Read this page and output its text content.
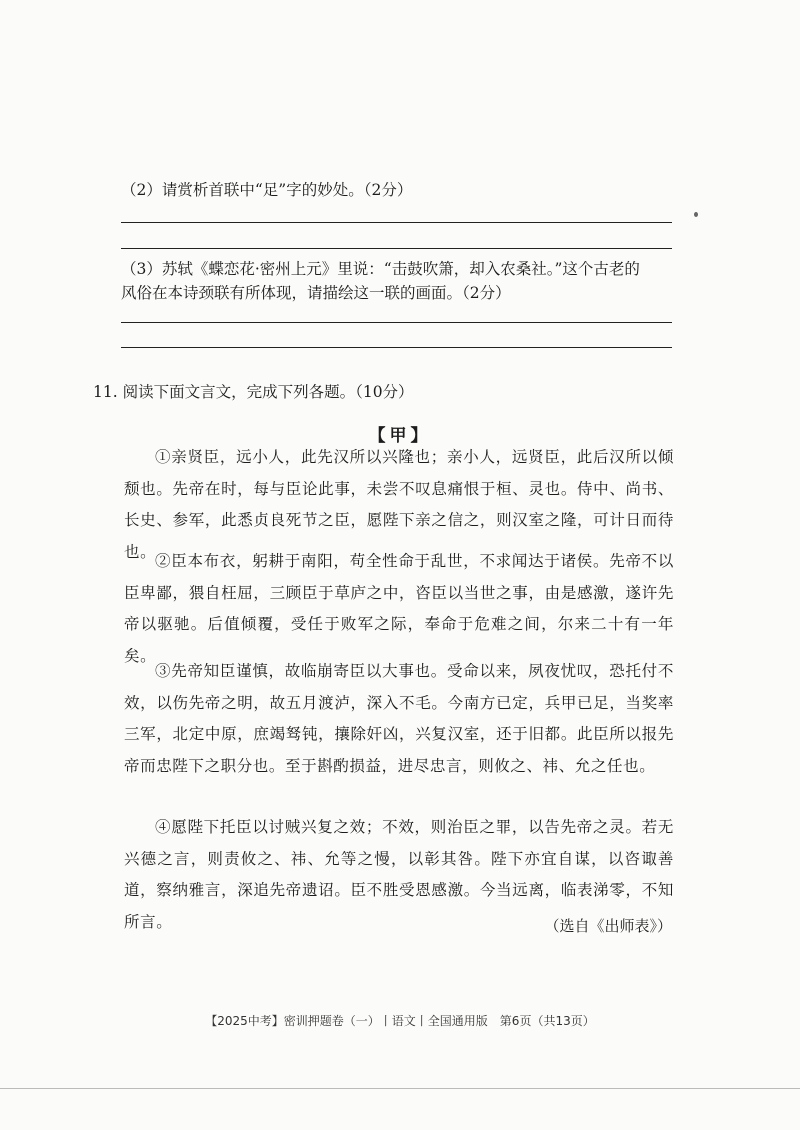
（2）请赏析首联中“足”字的妙处。（2分）
（3）苏轼《蝶恋花·密州上元》里说：“击鼓吹箫，却入农桑社。”这个古老的
风俗在本诗颈联有所体现，请描绘这一联的画面。（2分）
11. 阅读下面文言文，完成下列各题。（10分）
【甲】
①亲贤臣，远小人，此先汉所以兴隆也；亲小人，远贤臣，此后汉所以倾颓也。先帝在时，每与臣论此事，未尝不叹息痛恨于桓、灵也。侍中、尚书、长史、参军，此悉贞良死节之臣，愿陛下亲之信之，则汉室之隆，可计日而待也。
②臣本布衣，躬耕于南阳，苟全性命于乱世，不求闻达于诸侯。先帝不以臣卑鄙，猥自枉屈，三顾臣于草庐之中，咨臣以当世之事，由是感激，遂许先帝以驱驰。后值倾覆，受任于败军之际，奉命于危难之间，尔来二十有一年矣。
③先帝知臣谨慎，故临崩寄臣以大事也。受命以来，夙夜忧叹，恐托付不效，以伤先帝之明，故五月渡泸，深入不毛。今南方已定，兵甲已足，当奖率三军，北定中原，庶竭驽钝，攘除奸凶，兴复汉室，还于旧都。此臣所以报先帝而忠陛下之职分也。至于斟酌损益，进尽忠言，则攸之、祎、允之任也。
④愿陛下托臣以讨贼兴复之效；不效，则治臣之罪，以告先帝之灵。若无兴德之言，则责攸之、祎、允等之慢，以彰其咎。陛下亦宜自谋，以咨诹善道，察纳雅言，深追先帝遗诏。臣不胜受恩感激。今当远离，临表涕零，不知所言。	（选自《出师表》）
【2025中考】密训押题卷（一）丨语文丨全国通用版　第6页（共13页）
